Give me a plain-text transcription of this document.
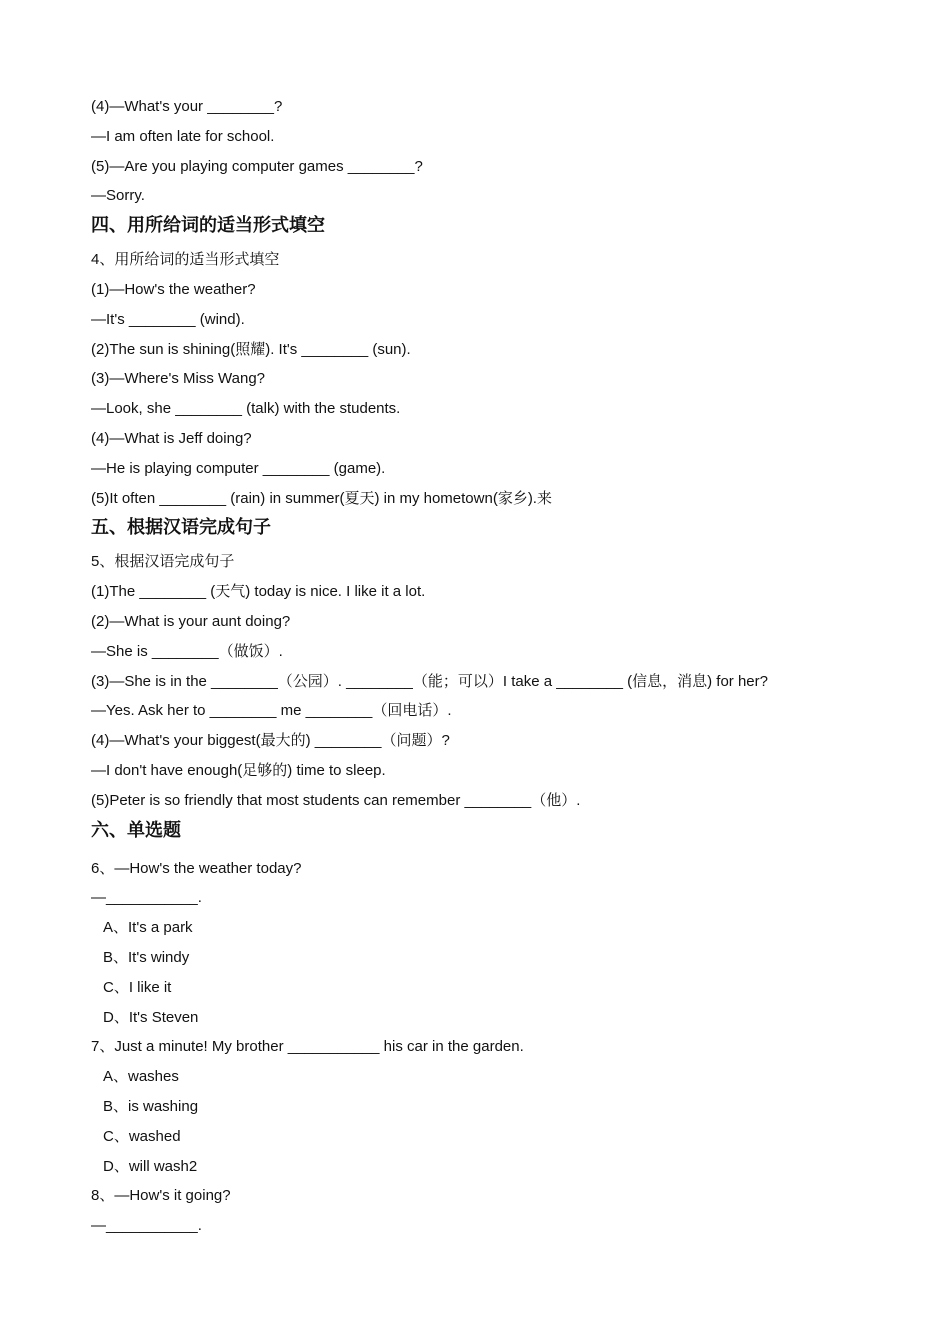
(4)—What's your ________?
—I am often late for school.
(5)—Are you playing computer games ________?
—Sorry.
四、用所给词的适当形式填空
4、用所给词的适当形式填空
(1)—How's the weather?
—It's ________ (wind).
(2)The sun is shining(照耀). It's ________ (sun).
(3)—Where's Miss Wang?
—Look, she ________ (talk) with the students.
(4)—What is Jeff doing?
—He is playing computer ________ (game).
(5)It often ________ (rain) in summer(夏天) in my hometown(家乡).来
五、根据汉语完成句子
5、根据汉语完成句子
(1)The ________ (天气) today is nice. I like it a lot.
(2)—What is your aunt doing?
—She is ________（做饭）.
(3)—She is in the ________（公园）. ________（能；可以）I take a ________ (信息，消息) for her?
—Yes. Ask her to ________ me ________（回电话）.
(4)—What's your biggest(最大的) ________（问题）?
—I don't have enough(足够的) time to sleep.
(5)Peter is so friendly that most students can remember ________（他）.
六、单选题
6、—How's the weather today?
—___________.
A、It's a park
B、It's windy
C、I like it
D、It's Steven
7、Just a minute! My brother ___________ his car in the garden.
A、washes
B、is washing
C、washed
D、will wash2
8、—How's it going?
—___________.
